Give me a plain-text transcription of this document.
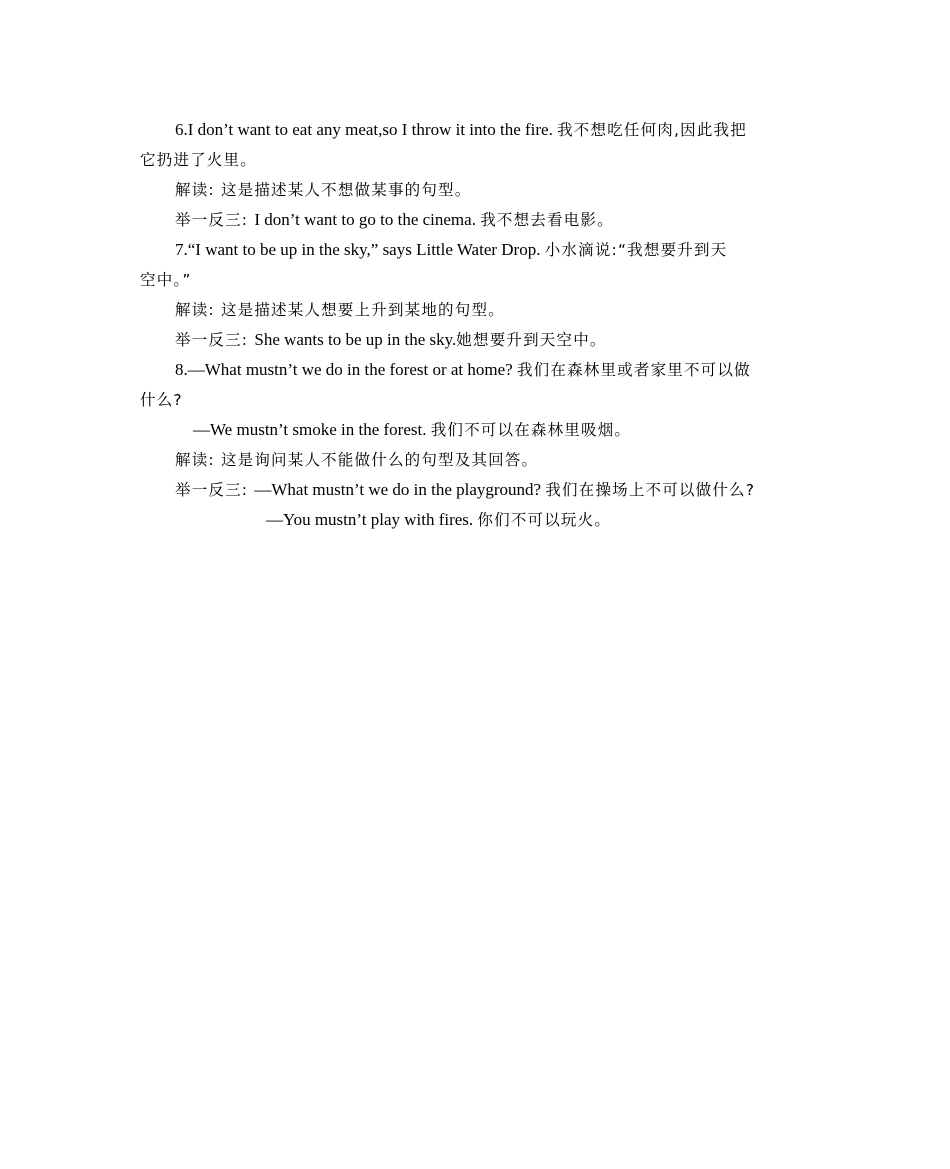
6.I don’t want to eat any meat,so I throw it into the fire. 我不想吃任何肉,因此我把
它扔进了火里。
解读: 这是描述某人不想做某事的句型。
举一反三: I don’t want to go to the cinema. 我不想去看电影。
7.“I want to be up in the sky,” says Little Water Drop. 小水滴说:“我想要升到天
空中。”
解读: 这是描述某人想要上升到某地的句型。
举一反三: She wants to be up in the sky.她想要升到天空中。
8.—What mustn’t we do in the forest or at home? 我们在森林里或者家里不可以做
什么?
—We mustn’t smoke in the forest. 我们不可以在森林里吸烟。
解读: 这是询问某人不能做什么的句型及其回答。
举一反三: —What mustn’t we do in the playground? 我们在操场上不可以做什么?
—You mustn’t play with fires. 你们不可以玩火。
